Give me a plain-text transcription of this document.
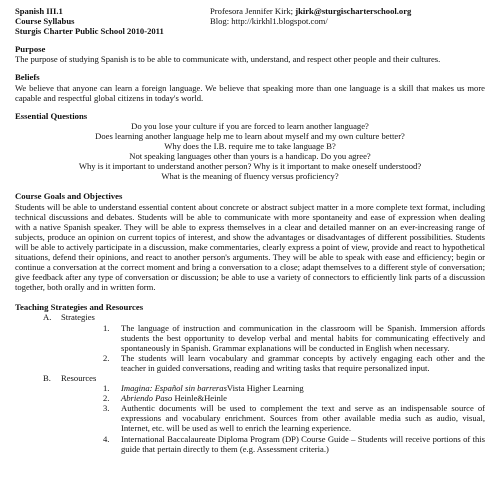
Spanish III.1
Course Syllabus
Sturgis Charter Public School 2010-2011
Profesora Jennifer Kirk; jkirk@sturgischarterschool.org
Blog: http://kirkhl1.blogspot.com/
Purpose

The purpose of studying Spanish is to be able to communicate with, understand, and respect other people and their cultures.

Beliefs

We believe that anyone can learn a foreign language. We believe that speaking more than one language is a skill that makes us more capable and respectful global citizens in today's world.

Essential Questions

Do you lose your culture if you are forced to learn another language?

Does learning another language help me to learn about myself and my own culture better?

Why does the I.B. require me to take language B?

Not speaking languages other than yours is a handicap. Do you agree?

Why is it important to understand another person? Why is it important to make oneself understood?

What is the meaning of fluency versus proficiency?

Course Goals and Objectives

Students will be able to understand essential content about concrete or abstract subject matter in a more complete text format, including technical discussions and debates. Students will be able to communicate with more spontaneity and ease of expression when dealing with a native Spanish speaker. They will be able to express themselves in a clear and detailed manner on an ever-increasing range of subjects, produce an opinion on current topics of interest, and show the advantages or disadvantages of different possibilities. Students will be able to actively participate in a discussion, make commentaries, clearly express a point of view, provide and react to hypothetical situations, defend their opinions, and react to another person's arguments. They will be able to speak with ease and efficiency; begin or continue a conversation at the correct moment and bring a conversation to a close; adapt themselves to a different style of conversation; give feedback after any type of conversation or discussion; be able to use a variety of connectors to efficiently link parts of a discussion together, both orally and in written form.

Teaching Strategies and Resources
A.	Strategies
1.	The language of instruction and communication in the classroom will be Spanish. Immersion affords students the best opportunity to develop verbal and mental habits for communicating effectively and spontaneously in Spanish. Grammar explanations will be conducted in English when necessary.
2.	The students will learn vocabulary and grammar concepts by actively engaging each other and the teacher in guided conversations, reading and writing tasks that require personalized input.
B.	Resources
1.	Imagina: Español sin barrerasVista Higher Learning
2.	Abriendo Paso Heinle&Heinle
3.	Authentic documents will be used to complement the text and serve as an indispensable source of expressions and vocabulary enrichment. Sources from other available media such as audio, visual, Internet, etc. will be used as well to enrich the learning experience.
4.	International Baccalaureate Diploma Program (DP) Course Guide – Students will receive portions of this guide that pertain directly to them (e.g. Assessment criteria.)
